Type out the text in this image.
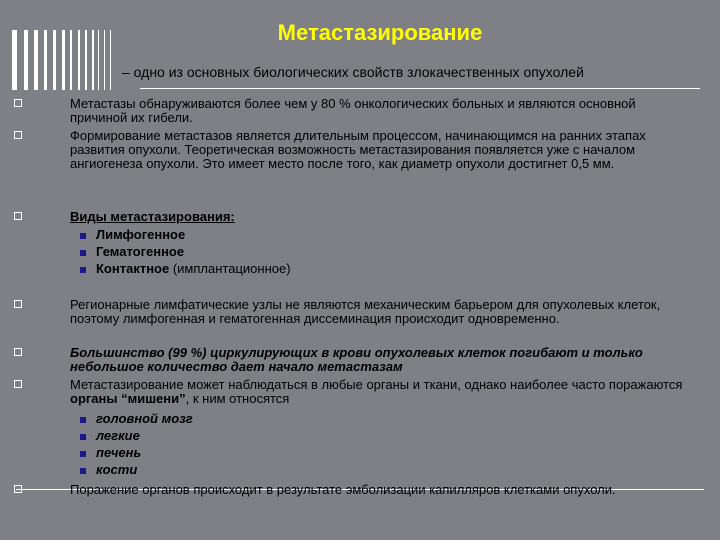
Метастазирование
– одно из основных биологических свойств злокачественных опухолей
Метастазы обнаруживаются более чем у 80 % онкологических больных и являются основной причиной их гибели.
Формирование метастазов является длительным процессом, начинающимся на ранних этапах развития опухоли. Теоретическая возможность метастазирования появляется уже с началом ангиогенеза опухоли. Это имеет место после того, как диаметр опухоли достигнет 0,5 мм.
Виды метастазирования:
Лимфогенное
Гематогенное
Контактное (имплантационное)
Регионарные лимфатические узлы не являются механическим барьером для опухолевых клеток, поэтому лимфогенная и гематогенная диссеминация происходит одновременно.
Большинство (99 %) циркулирующих в крови опухолевых клеток погибают и только небольшое количество дает начало метастазам
Метастазирование может наблюдаться в любые органы и ткани, однако наиболее часто поражаются органы “мишени”, к ним относятся
головной мозг
легкие
печень
кости
Поражение органов происходит в результате эмболизации капилляров клетками опухоли.
